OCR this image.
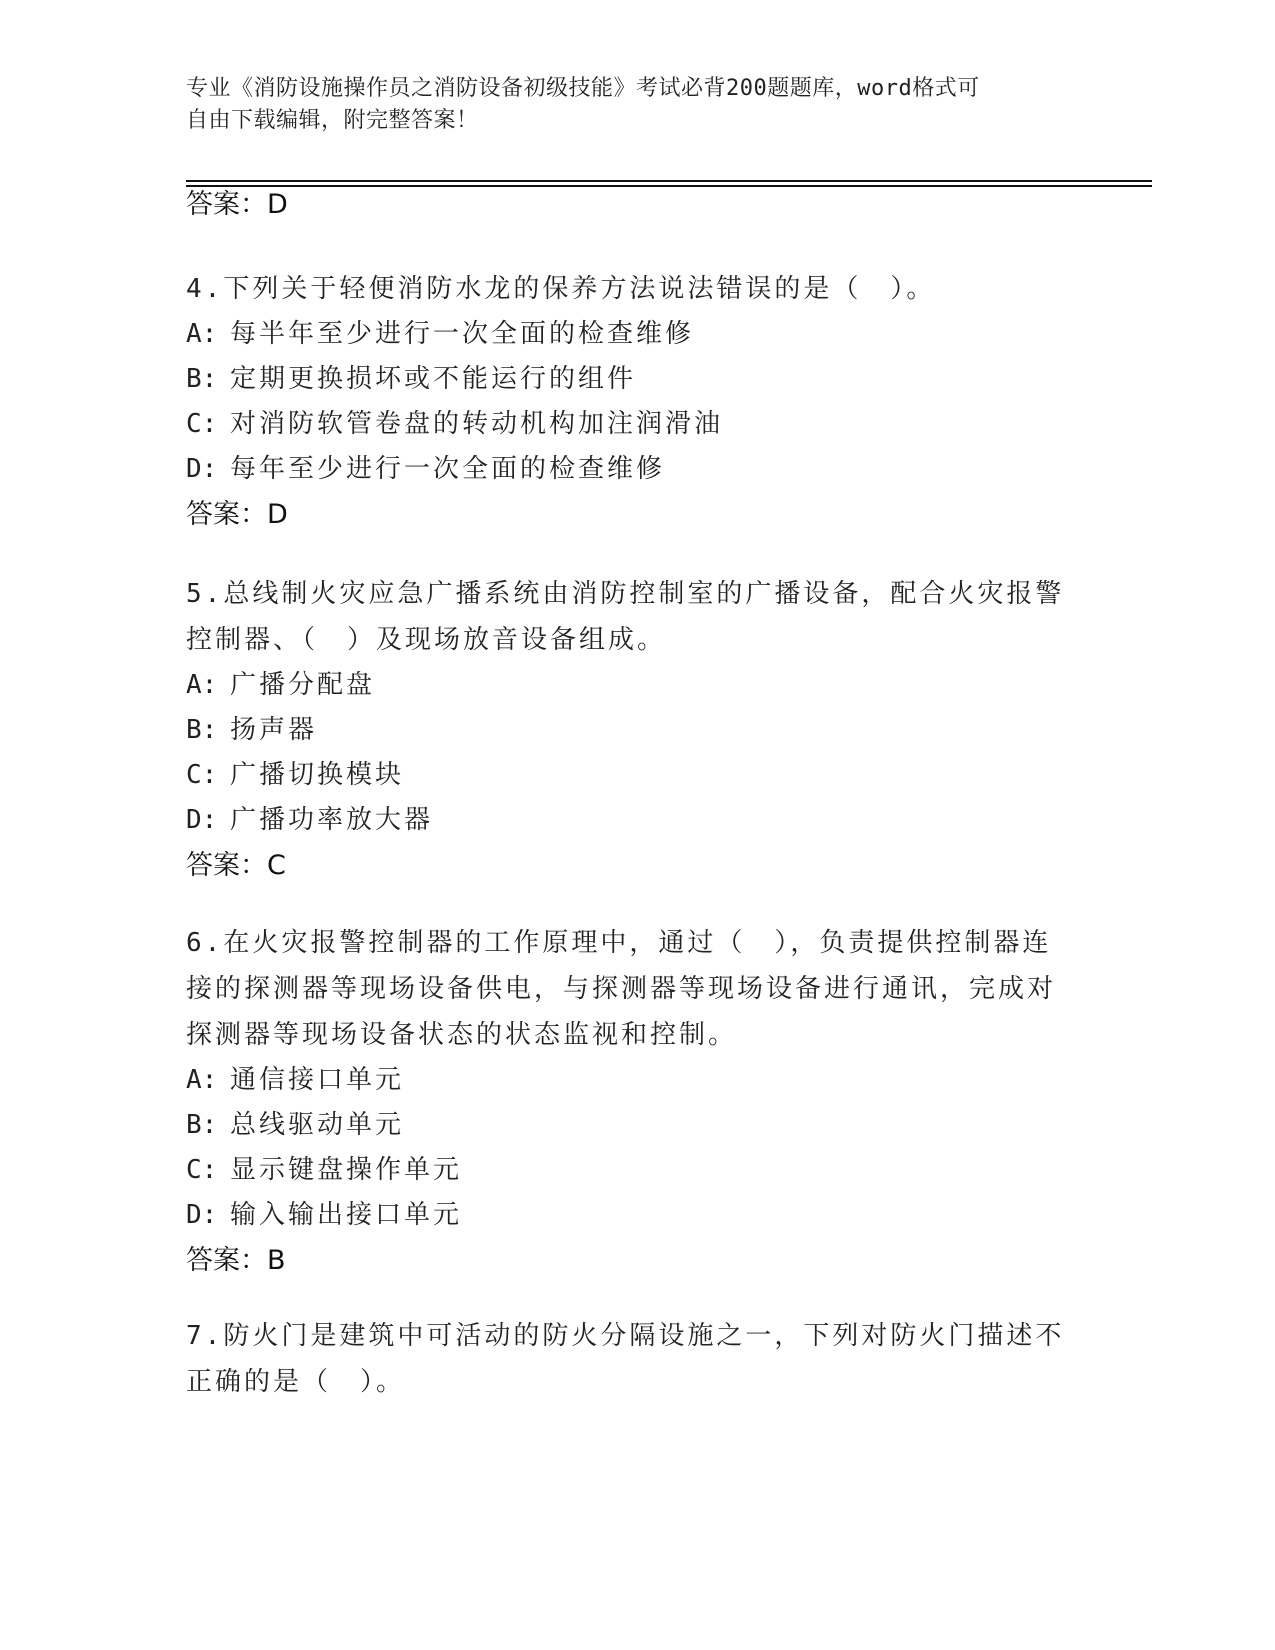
专业《消防设施操作员之消防设备初级技能》考试必背200题题库，word格式可
自由下载编辑，附完整答案！
答案：D
4.下列关于轻便消防水龙的保养方法说法错误的是（　）。
A: 每半年至少进行一次全面的检查维修
B: 定期更换损坏或不能运行的组件
C: 对消防软管卷盘的转动机构加注润滑油
D: 每年至少进行一次全面的检查维修
答案：D
5.总线制火灾应急广播系统由消防控制室的广播设备，配合火灾报警
控制器、（　）及现场放音设备组成。
A: 广播分配盘
B: 扬声器
C: 广播切换模块
D: 广播功率放大器
答案：C
6.在火灾报警控制器的工作原理中，通过（　），负责提供控制器连
接的探测器等现场设备供电，与探测器等现场设备进行通讯，完成对
探测器等现场设备状态的状态监视和控制。
A: 通信接口单元
B: 总线驱动单元
C: 显示键盘操作单元
D: 输入输出接口单元
答案：B
7.防火门是建筑中可活动的防火分隔设施之一，下列对防火门描述不
正确的是（　）。
